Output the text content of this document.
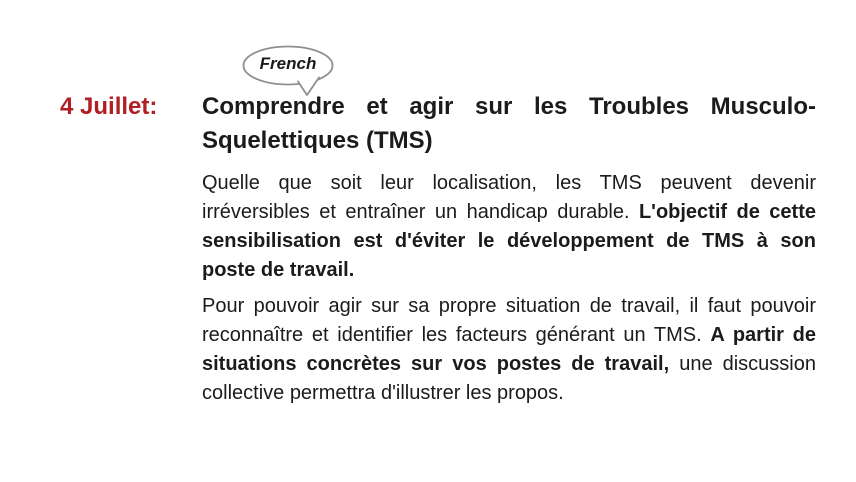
French
4 Juillet: Comprendre et agir sur les Troubles Musculo-Squelettiques (TMS)

Quelle que soit leur localisation, les TMS peuvent devenir irréversibles et entraîner un handicap durable. L'objectif de cette sensibilisation est d'éviter le développement de TMS à son poste de travail.

Pour pouvoir agir sur sa propre situation de travail, il faut pouvoir reconnaître et identifier les facteurs générant un TMS. A partir de situations concrètes sur vos postes de travail, une discussion collective permettra d'illustrer les propos.
